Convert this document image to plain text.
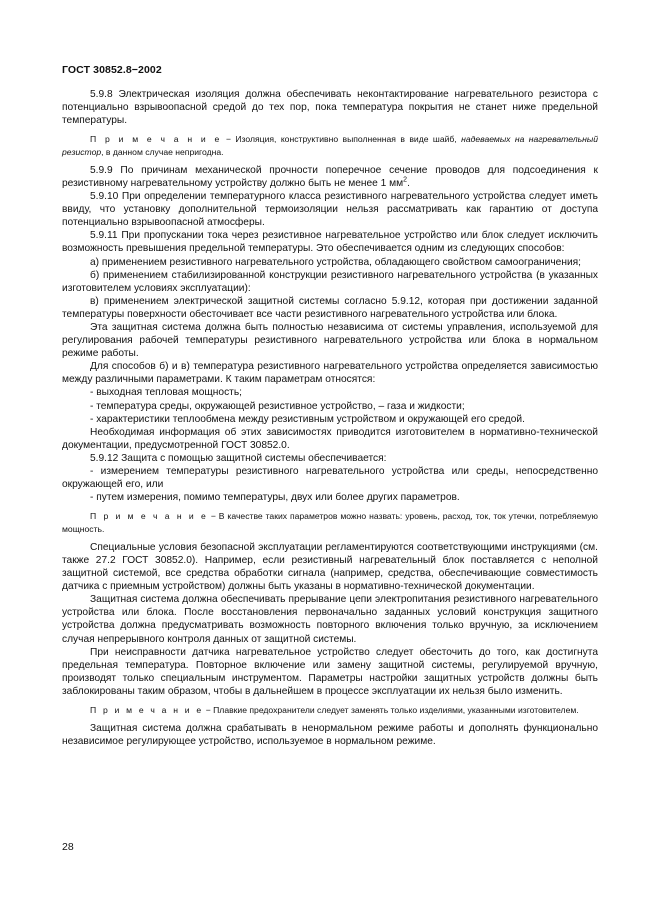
ГОСТ 30852.8−2002

5.9.8 Электрическая изоляция должна обеспечивать неконтактирование нагревательного резистора с потенциально взрывоопасной средой до тех пор, пока температура покрытия не станет ниже предельной температуры.

П р и м е ч а н и е − Изоляция, конструктивно выполненная в виде шайб, надеваемых на нагревательный резистор, в данном случае непригодна.

5.9.9 По причинам механической прочности поперечное сечение проводов для подсоединения к резистивному нагревательному устройству должно быть не менее 1 $мм^2$.

5.9.10 При определении температурного класса резистивного нагревательного устройства следует иметь ввиду, что установку дополнительной термоизоляции нельзя рассматривать как гарантию от доступа потенциально взрывоопасной атмосферы.

5.9.11 При пропускании тока через резистивное нагревательное устройство или блок следует исключить возможность превышения предельной температуры. Это обеспечивается одним из следующих способов:

а) применением резистивного нагревательного устройства, обладающего свойством самоограничения;

б) применением стабилизированной конструкции резистивного нагревательного устройства (в указанных изготовителем условиях эксплуатации):

в) применением электрической защитной системы согласно 5.9.12, которая при достижении заданной температуры поверхности обесточивает все части резистивного нагревательного устройства или блока.

Эта защитная система должна быть полностью независима от системы управления, используемой для регулирования рабочей температуры резистивного нагревательного устройства или блока в нормальном режиме работы.

Для способов б) и в) температура резистивного нагревательного устройства определяется зависимостью между различными параметрами. К таким параметрам относятся:

- выходная тепловая мощность;

- температура среды, окружающей резистивное устройство, – газа и жидкости;

- характеристики теплообмена между резистивным устройством и окружающей его средой.

Необходимая информация об этих зависимостях приводится изготовителем в нормативно-технической документации, предусмотренной ГОСТ 30852.0.

5.9.12 Защита с помощью защитной системы обеспечивается:

- измерением температуры резистивного нагревательного устройства или среды, непосредственно окружающей его, или

- путем измерения, помимо температуры, двух или более других параметров.

П р и м е ч а н и е − В качестве таких параметров можно назвать: уровень, расход, ток, ток утечки, потребляемую мощность.

Специальные условия безопасной эксплуатации регламентируются соответствующими инструкциями (см. также 27.2 ГОСТ 30852.0). Например, если резистивный нагревательный блок поставляется с неполной защитной системой, все средства обработки сигнала (например, средства, обеспечивающие совместимость датчика с приемным устройством) должны быть указаны в нормативно-технической документации.

Защитная система должна обеспечивать прерывание цепи электропитания резистивного нагревательного устройства или блока. После восстановления первоначально заданных условий конструкция защитного устройства должна предусматривать возможность повторного включения только вручную, за исключением случая непрерывного контроля данных от защитной системы.

При неисправности датчика нагревательное устройство следует обесточить до того, как достигнута предельная температура. Повторное включение или замену защитной системы, регулируемой вручную, производят только специальным инструментом. Параметры настройки защитных устройств должны быть заблокированы таким образом, чтобы в дальнейшем в процессе эксплуатации их нельзя было изменить.

П р и м е ч а н и е − Плавкие предохранители следует заменять только изделиями, указанными изготовителем.

Защитная система должна срабатывать в ненормальном режиме работы и дополнять функционально независимое регулирующее устройство, используемое в нормальном режиме.

28
